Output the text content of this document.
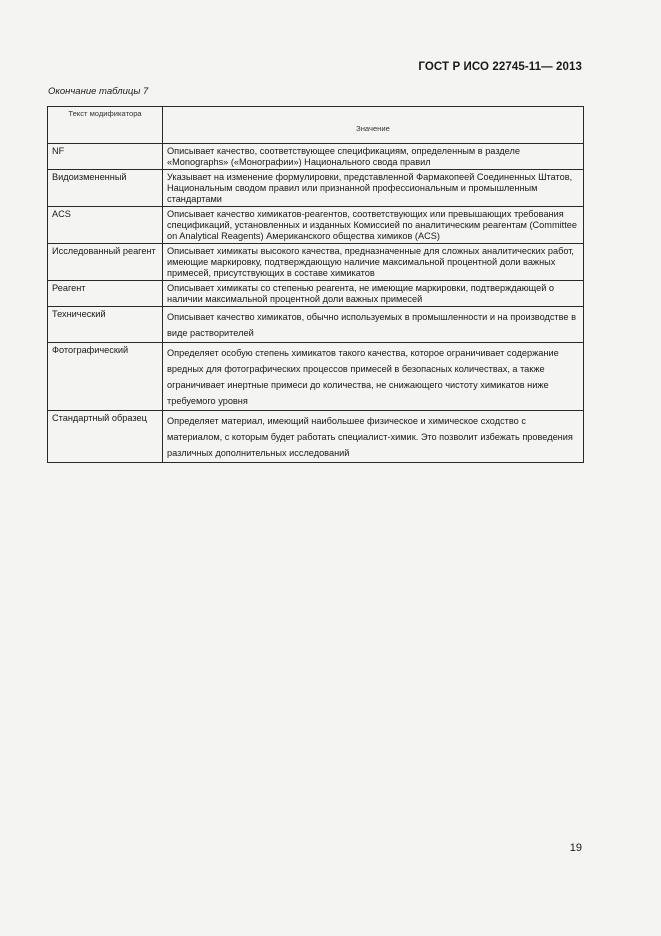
ГОСТ Р ИСО 22745-11— 2013
Окончание таблицы 7
Текст модификатора	Значение
NF	Описывает качество, соответствующее спецификациям, определенным в разделе «Monographs» («Монографии») Национального свода правил
Видоизмененный	Указывает на изменение формулировки, представленной Фармакопеей Соединенных Штатов, Национальным сводом правил или признанной профессиональным и промышленным стандартами
ACS	Описывает качество химикатов-реагентов, соответствующих или превышающих требования спецификаций, установленных и изданных Комиссией по аналитическим реагентам (Committee on Analytical Reagents) Американского общества химиков (ACS)
Исследованный реагент	Описывает химикаты высокого качества, предназначенные для сложных аналитических работ, имеющие маркировку, подтверждающую наличие максимальной процентной доли важных примесей, присутствующих в составе химикатов
Реагент	Описывает химикаты со степенью реагента, не имеющие маркировки, подтверждающей о наличии максимальной процентной доли важных примесей
Технический	Описывает качество химикатов, обычно используемых в промышленности и на производстве в виде растворителей
Фотографический	Определяет особую степень химикатов такого качества, которое ограничивает содержание вредных для фотографических процессов примесей в безопасных количествах, а также ограничивает инертные примеси до количества, не снижающего чистоту химикатов ниже требуемого уровня
Стандартный образец	Определяет материал, имеющий наибольшее физическое и химическое сходство с материалом, с которым будет работать специалист-химик. Это позволит избежать проведения различных дополнительных исследований
19
